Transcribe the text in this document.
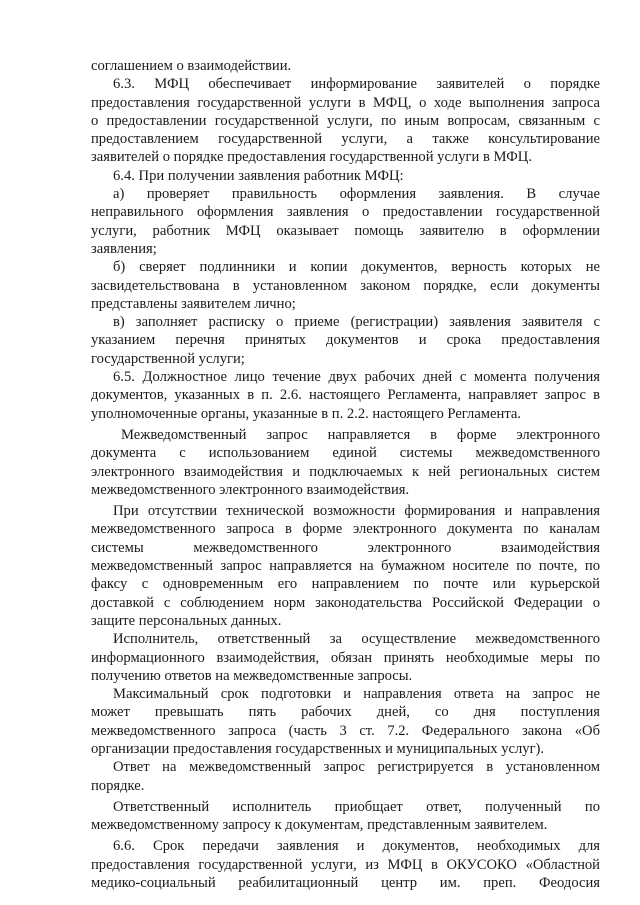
соглашением о взаимодействии.
6.3. МФЦ обеспечивает информирование заявителей о порядке
предоставления государственной услуги в МФЦ, о ходе выполнения запроса
о предоставлении государственной услуги, по иным вопросам, связанным с
предоставлением государственной услуги, а также консультирование
заявителей о порядке предоставления государственной услуги в МФЦ.
6.4. При получении заявления работник МФЦ:
а) проверяет правильность оформления заявления. В случае
неправильного оформления заявления о предоставлении государственной
услуги, работник МФЦ оказывает помощь заявителю в оформлении
заявления;
б) сверяет подлинники и копии документов, верность которых не
засвидетельствована в установленном законом порядке, если документы
представлены заявителем лично;
в) заполняет расписку о приеме (регистрации) заявления заявителя с
указанием перечня принятых документов и срока предоставления
государственной услуги;
6.5. Должностное лицо течение двух рабочих дней с момента получения
документов, указанных в п. 2.6. настоящего Регламента, направляет запрос в
уполномоченные органы, указанные в п. 2.2. настоящего Регламента.
Межведомственный запрос направляется в форме электронного
документа с использованием единой системы межведомственного
электронного взаимодействия и подключаемых к ней региональных систем
межведомственного электронного взаимодействия.
При отсутствии технической возможности формирования и направления
межведомственного запроса в форме электронного документа по каналам
системы межведомственного электронного взаимодействия
межведомственный запрос направляется на бумажном носителе по почте, по
факсу с одновременным его направлением по почте или курьерской
доставкой с соблюдением норм законодательства Российской Федерации о
защите персональных данных.
Исполнитель, ответственный за осуществление межведомственного
информационного взаимодействия, обязан принять необходимые меры по
получению ответов на межведомственные запросы.
Максимальный срок подготовки и направления ответа на запрос не
может превышать пять рабочих дней, со дня поступления
межведомственного запроса (часть 3 ст. 7.2. Федерального закона «Об
организации предоставления государственных и муниципальных услуг).
Ответ на межведомственный запрос регистрируется в установленном
порядке.
Ответственный исполнитель приобщает ответ, полученный по
межведомственному запросу к документам, представленным заявителем.
6.6. Срок передачи заявления и документов, необходимых для
предоставления государственной услуги, из МФЦ в ОКУСОКО «Областной
медико-социальный реабилитационный центр им. преп. Феодосия
